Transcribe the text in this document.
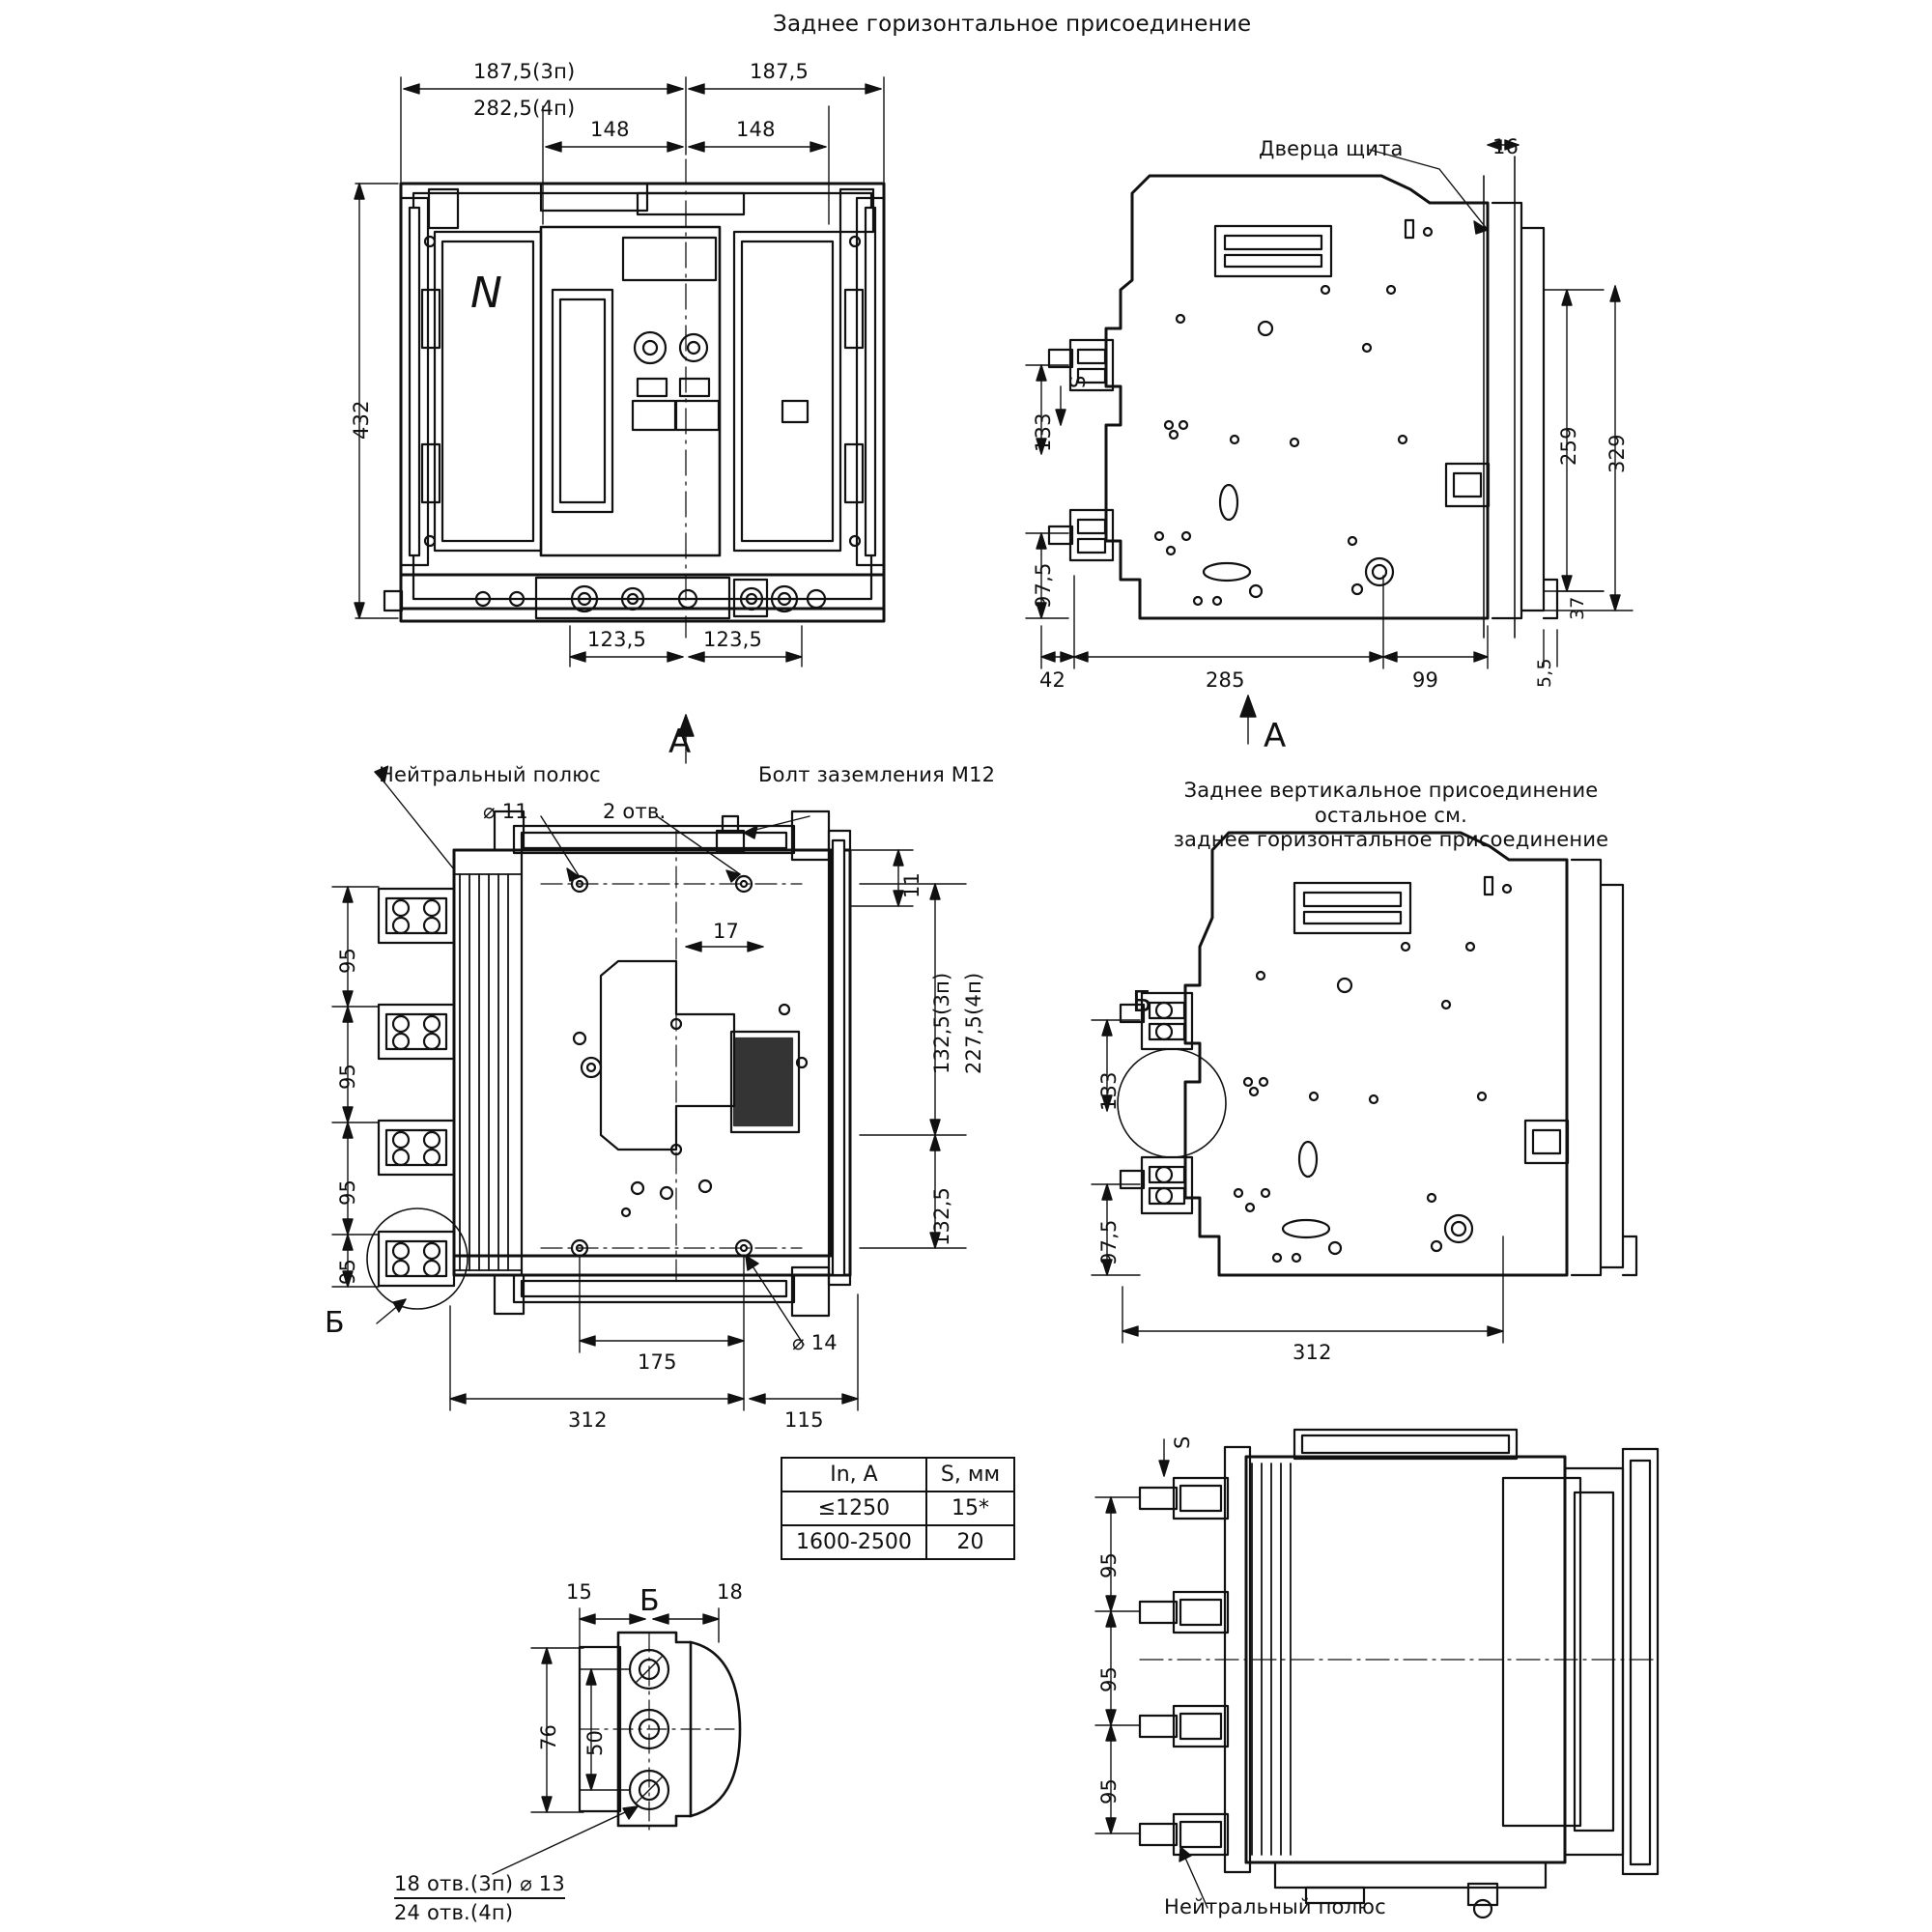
N
Заднее горизонтальное присоединение
187,5(3п)
282,5(4п)
187,5
148	148
432
123,5	123,5
А
Дверца щита	16
259 329
133
97,5	37
5,5
42	285	99
S
А
Заднее вертикальное присоединение
остальное см.
заднее горизонтальное присоединение
Нейтральный полюс	Болт заземления М12
⌀ 11	2 отв.
11
17
132,5(3п) 227,5(4п)
132,5
95
95
95
95
175
312	115
⌀ 14
Б
Б
133
97,5
312
S
95
95
95
Нейтральный полюс
Б
15	18
76 50
18 отв.(3п) ⌀ 13
24 отв.(4п)
In, A	S, мм
≤1250	15*
1600-2500	20
